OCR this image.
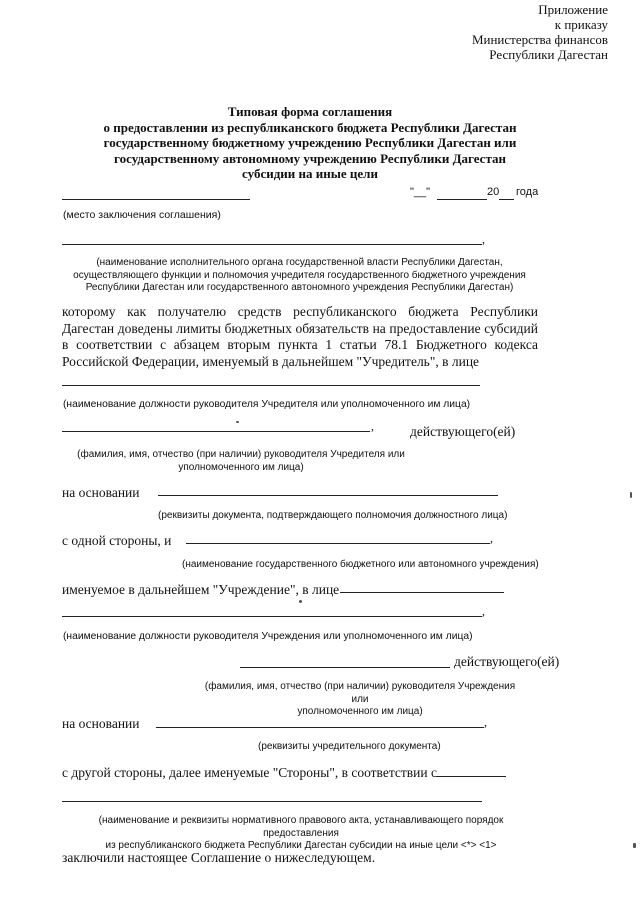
Приложение
к приказу
Министерства финансов
Республики Дагестан
Типовая форма соглашения
о предоставлении из республиканского бюджета Республики Дагестан
государственному бюджетному учреждению Республики Дагестан или
государственному автономному учреждению Республики Дагестан
субсидии на иные цели
"__"	20 года
(место заключения соглашения)
,
(наименование исполнительного органа государственной власти Республики Дагестан,
осуществляющего функции и полномочия учредителя государственного бюджетного учреждения
Республики Дагестан или государственного автономного учреждения Республики Дагестан)
которому как получателю средств республиканского бюджета Республики Дагестан доведены лимиты бюджетных обязательств на предоставление субсидий в соответствии с абзацем вторым пункта 1 статьи 78.1 Бюджетного кодекса Российской Федерации, именуемый в дальнейшем "Учредитель", в лице
(наименование должности руководителя Учредителя или уполномоченного им лица)
,	действующего(ей)
(фамилия, имя, отчество (при наличии) руководителя Учредителя или
уполномоченного им лица)
на основании
(реквизиты документа, подтверждающего полномочия должностного лица)
с одной стороны, и	,
(наименование государственного бюджетного или автономного учреждения)
именуемое в дальнейшем "Учреждение", в лице
,
(наименование должности руководителя Учреждения или уполномоченного им лица)
действующего(ей)
(фамилия, имя, отчество (при наличии) руководителя Учреждения или
уполномоченного им лица)
на основании	,
(реквизиты учредительного документа)
с другой стороны, далее именуемые "Стороны", в соответствии с
(наименование и реквизиты нормативного правового акта, устанавливающего порядок предоставления
из республиканского бюджета Республики Дагестан субсидии на иные цели <*> <1>
заключили настоящее Соглашение о нижеследующем.
